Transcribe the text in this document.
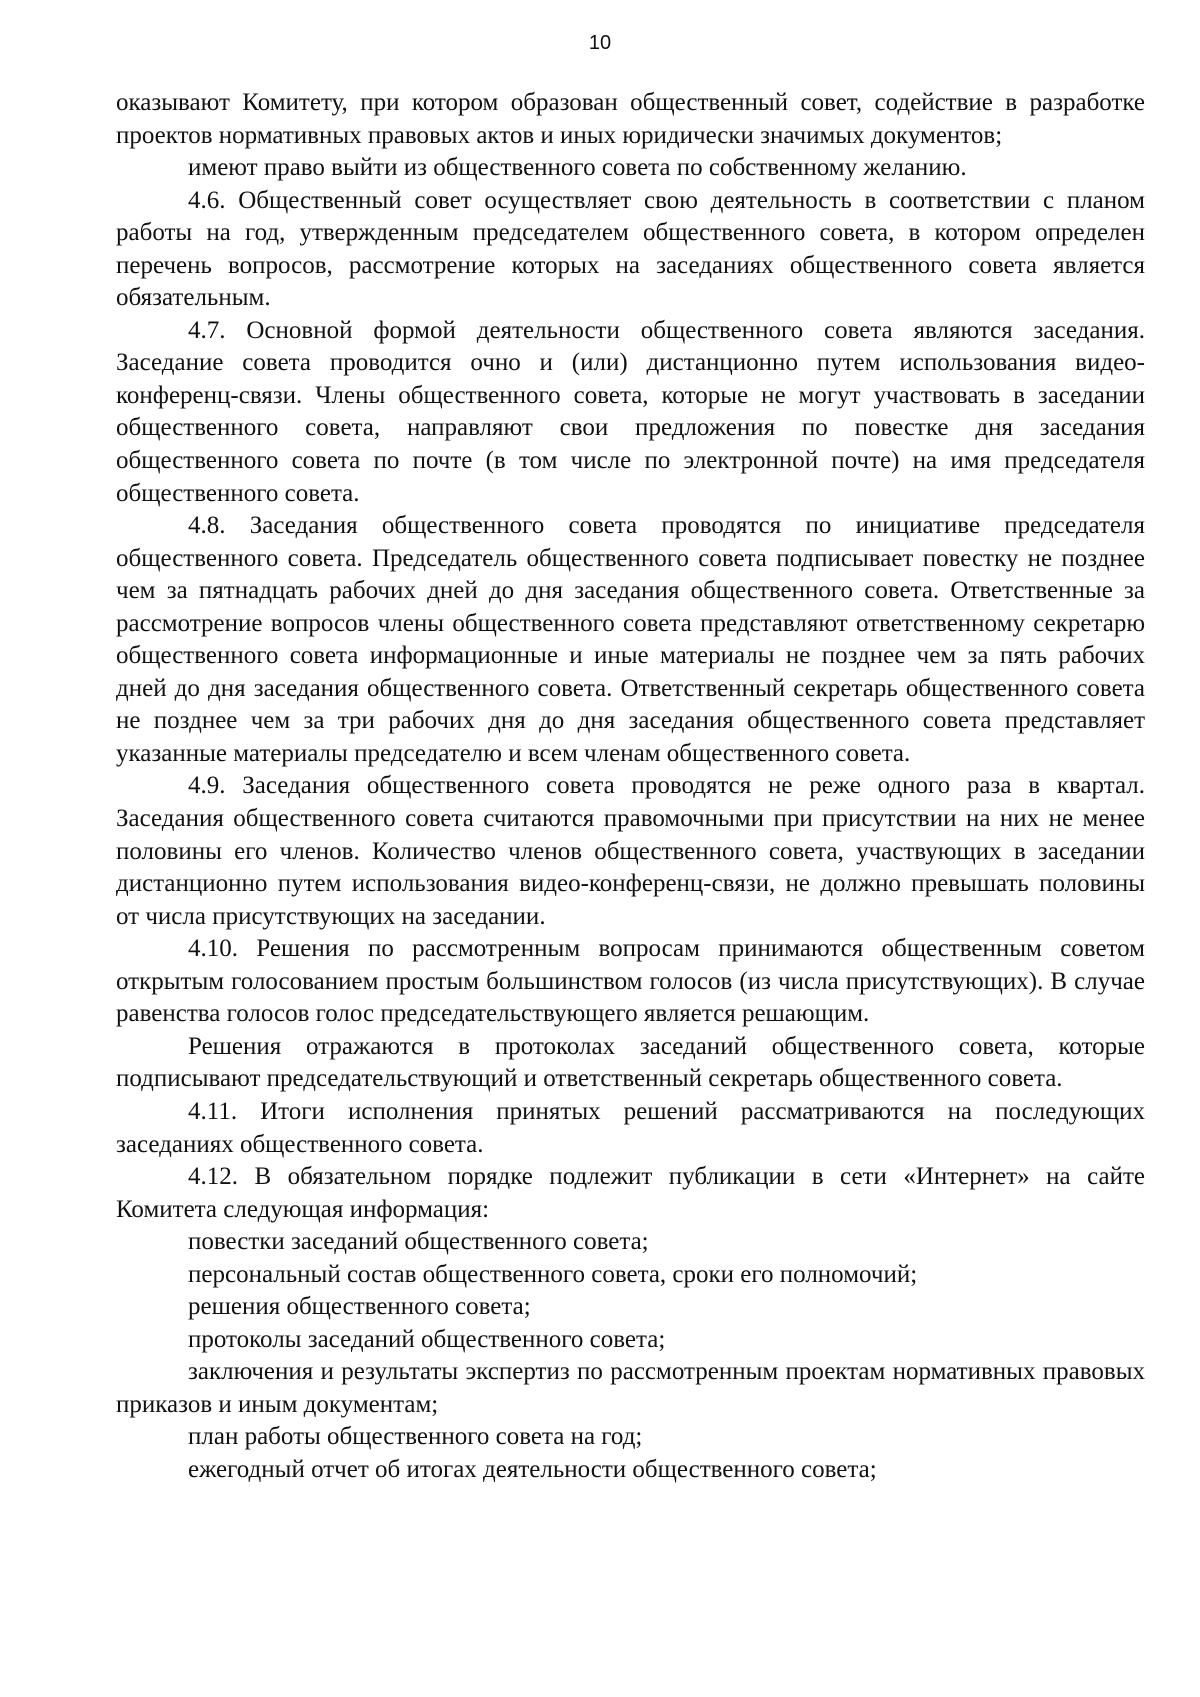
10

оказывают Комитету, при котором образован общественный совет, содействие в разработке проектов нормативных правовых актов и иных юридически значимых документов;

имеют право выйти из общественного совета по собственному желанию.

4.6. Общественный совет осуществляет свою деятельность в соответствии с планом работы на год, утвержденным председателем общественного совета, в котором определен перечень вопросов, рассмотрение которых на заседаниях общественного совета является обязательным.

4.7. Основной формой деятельности общественного совета являются заседания. Заседание совета проводится очно и (или) дистанционно путем использования видео-конференц-связи. Члены общественного совета, которые не могут участвовать в заседании общественного совета, направляют свои предложения по повестке дня заседания общественного совета по почте (в том числе по электронной почте) на имя председателя общественного совета.

4.8. Заседания общественного совета проводятся по инициативе председателя общественного совета. Председатель общественного совета подписывает повестку не позднее чем за пятнадцать рабочих дней до дня заседания общественного совета. Ответственные за рассмотрение вопросов члены общественного совета представляют ответственному секретарю общественного совета информационные и иные материалы не позднее чем за пять рабочих дней до дня заседания общественного совета. Ответственный секретарь общественного совета не позднее чем за три рабочих дня до дня заседания общественного совета представляет указанные материалы председателю и всем членам общественного совета.

4.9. Заседания общественного совета проводятся не реже одного раза в квартал. Заседания общественного совета считаются правомочными при присутствии на них не менее половины его членов. Количество членов общественного совета, участвующих в заседании дистанционно путем использования видео-конференц-связи, не должно превышать половины от числа присутствующих на заседании.

4.10. Решения по рассмотренным вопросам принимаются общественным советом открытым голосованием простым большинством голосов (из числа присутствующих). В случае равенства голосов голос председательствующего является решающим.

Решения отражаются в протоколах заседаний общественного совета, которые подписывают председательствующий и ответственный секретарь общественного совета.

4.11. Итоги исполнения принятых решений рассматриваются на последующих заседаниях общественного совета.

4.12. В обязательном порядке подлежит публикации в сети «Интернет» на сайте Комитета следующая информация:

повестки заседаний общественного совета;

персональный состав общественного совета, сроки его полномочий;

решения общественного совета;

протоколы заседаний общественного совета;

заключения и результаты экспертиз по рассмотренным проектам нормативных правовых приказов и иным документам;

план работы общественного совета на год;

ежегодный отчет об итогах деятельности общественного совета;
